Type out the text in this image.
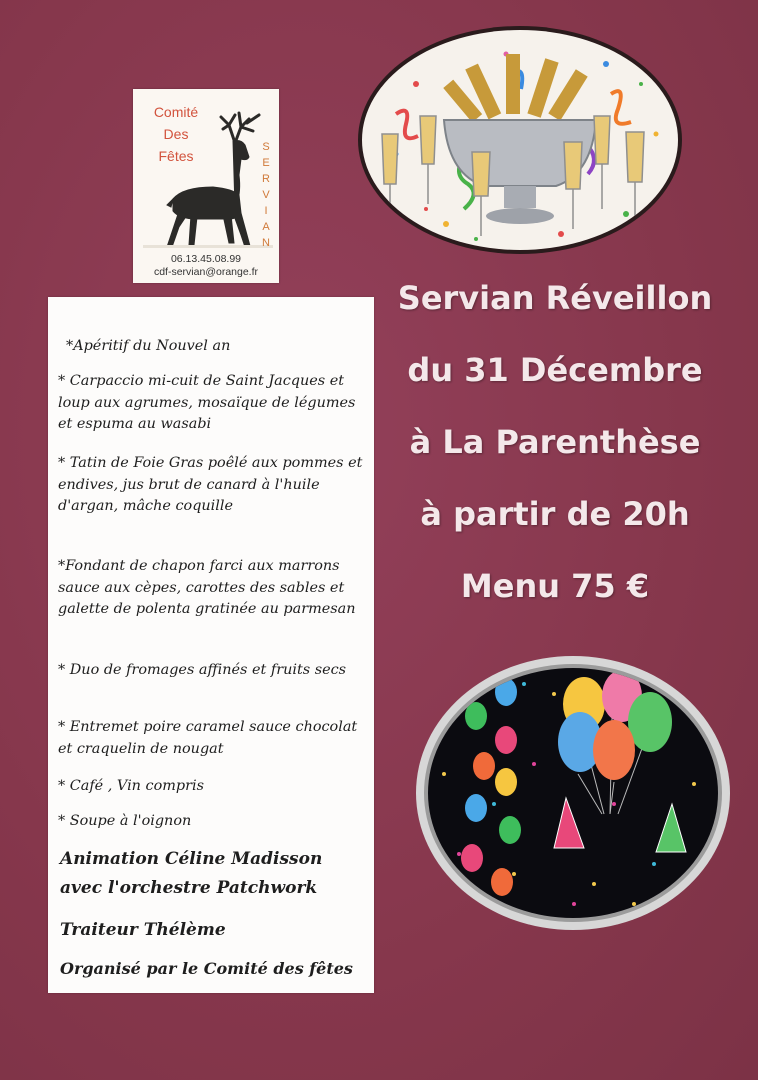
Comité
Des
Fêtes
S
E
R
V
I
A
N
06.13.45.08.99
cdf-servian@orange.fr
Servian Réveillon
du 31 Décembre
à La Parenthèse
à partir de 20h
Menu 75 €
*Apéritif du Nouvel an
* Carpaccio mi-cuit de Saint Jacques et loup aux agrumes, mosaïque de légumes et espuma au wasabi
* Tatin de Foie Gras poêlé aux pommes et endives, jus brut de canard à l'huile d'argan, mâche coquille
*Fondant de chapon farci aux marrons sauce aux cèpes, carottes des sables et galette de polenta gratinée au parmesan
* Duo de fromages affinés et fruits secs
* Entremet poire caramel sauce chocolat et craquelin de nougat
* Café , Vin compris
* Soupe à l'oignon
Animation Céline Madisson
avec l'orchestre Patchwork
Traiteur Thélème
Organisé par le Comité des fêtes
